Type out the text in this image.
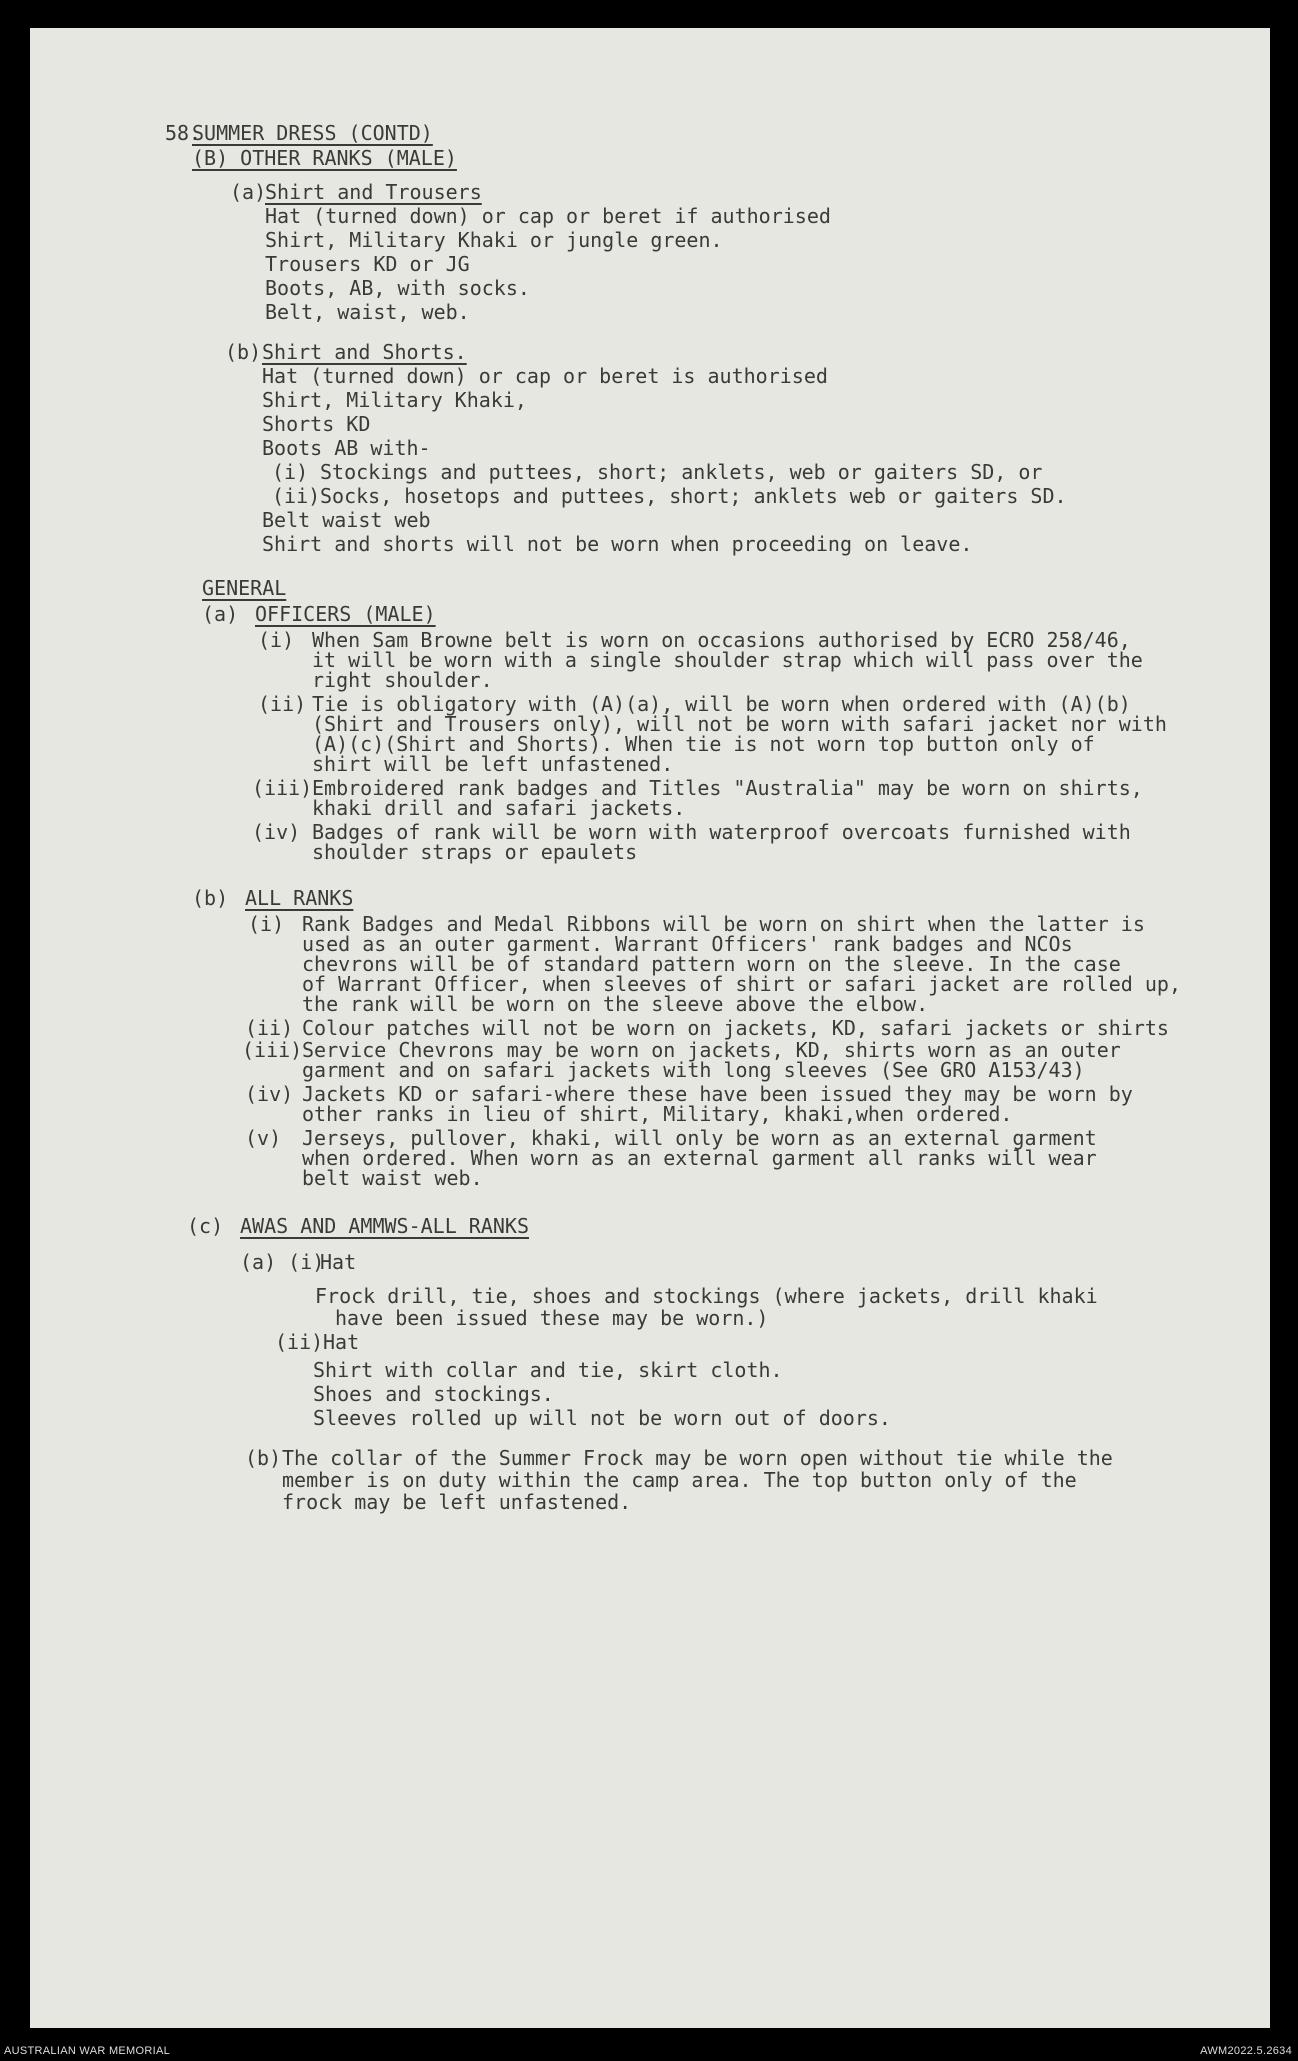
58.
SUMMER DRESS (CONTD)
(B) OTHER RANKS (MALE)
(a)
Shirt and Trousers
Hat (turned down) or cap or beret if authorised
Shirt, Military Khaki or jungle green.
Trousers KD or JG
Boots, AB, with socks.
Belt, waist, web.
(b) Shirt and Shorts.
Hat (turned down) or cap or beret is authorised
Shirt, Military Khaki,
Shorts KD
Boots AB with-
(i) Stockings and puttees, short; anklets, web or gaiters SD, or
(ii) Socks, hosetops and puttees, short; anklets web or gaiters SD.
Belt waist web
Shirt and shorts will not be worn when proceeding on leave.
GENERAL
(a) OFFICERS (MALE)
(i) When Sam Browne belt is worn on occasions authorised by ECRO 258/46,
it will be worn with a single shoulder strap which will pass over the
right shoulder.
(ii) Tie is obligatory with (A)(a), will be worn when ordered with (A)(b)
(Shirt and Trousers only), will not be worn with safari jacket nor with
(A)(c)(Shirt and Shorts). When tie is not worn top button only of
shirt will be left unfastened.
(iii) Embroidered rank badges and Titles "Australia" may be worn on shirts,
khaki drill and safari jackets.
(iv) Badges of rank will be worn with waterproof overcoats furnished with
shoulder straps or epaulets
(b) ALL RANKS
(i) Rank Badges and Medal Ribbons will be worn on shirt when the latter is
used as an outer garment. Warrant Officers' rank badges and NCOs
chevrons will be of standard pattern worn on the sleeve. In the case
of Warrant Officer, when sleeves of shirt or safari jacket are rolled up,
the rank will be worn on the sleeve above the elbow.
(ii) Colour patches will not be worn on jackets, KD, safari jackets or shirts
(iii) Service Chevrons may be worn on jackets, KD, shirts worn as an outer
garment and on safari jackets with long sleeves (See GRO A153/43)
(iv) Jackets KD or safari-where these have been issued they may be worn by
other ranks in lieu of shirt, Military, khaki,when ordered.
(v) Jerseys, pullover, khaki, will only be worn as an external garment
when ordered. When worn as an external garment all ranks will wear
belt waist web.
(c) AWAS AND AMMWS-ALL RANKS
(a) (i)
Hat
Frock drill, tie, shoes and stockings (where jackets, drill khaki
have been issued these may be worn.)
(ii) Hat
Shirt with collar and tie, skirt cloth.
Shoes and stockings.
Sleeves rolled up will not be worn out of doors.
(b) The collar of the Summer Frock may be worn open without tie while the
member is on duty within the camp area. The top button only of the
frock may be left unfastened.
AUSTRALIAN WAR MEMORIAL	AWM2022.5.2634
